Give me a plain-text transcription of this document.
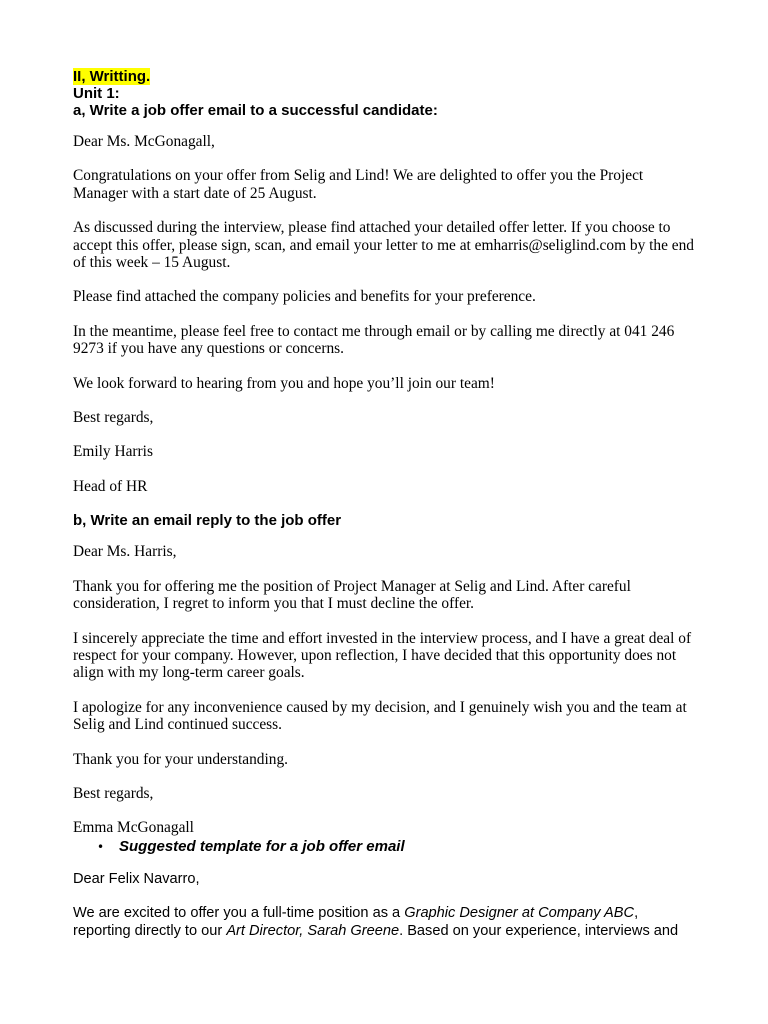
II, Writting.

Unit 1:

a, Write a job offer email to a successful candidate:

Dear Ms. McGonagall,

Congratulations on your offer from Selig and Lind! We are delighted to offer you the Project Manager with a start date of 25 August.

As discussed during the interview, please find attached your detailed offer letter. If you choose to accept this offer, please sign, scan, and email your letter to me at emharris@seliglind.com by the end of this week – 15 August.

Please find attached the company policies and benefits for your preference.

In the meantime, please feel free to contact me through email or by calling me directly at 041 246 9273 if you have any questions or concerns.

We look forward to hearing from you and hope you’ll join our team!

Best regards,

Emily Harris

Head of HR

b, Write an email reply to the job offer

Dear Ms. Harris,

Thank you for offering me the position of Project Manager at Selig and Lind. After careful consideration, I regret to inform you that I must decline the offer.

I sincerely appreciate the time and effort invested in the interview process, and I have a great deal of respect for your company. However, upon reflection, I have decided that this opportunity does not align with my long-term career goals.

I apologize for any inconvenience caused by my decision, and I genuinely wish you and the team at Selig and Lind continued success.

Thank you for your understanding.

Best regards,

Emma McGonagall

• Suggested template for a job offer email

Dear Felix Navarro,

We are excited to offer you a full-time position as a Graphic Designer at Company ABC, reporting directly to our Art Director, Sarah Greene. Based on your experience, interviews and
